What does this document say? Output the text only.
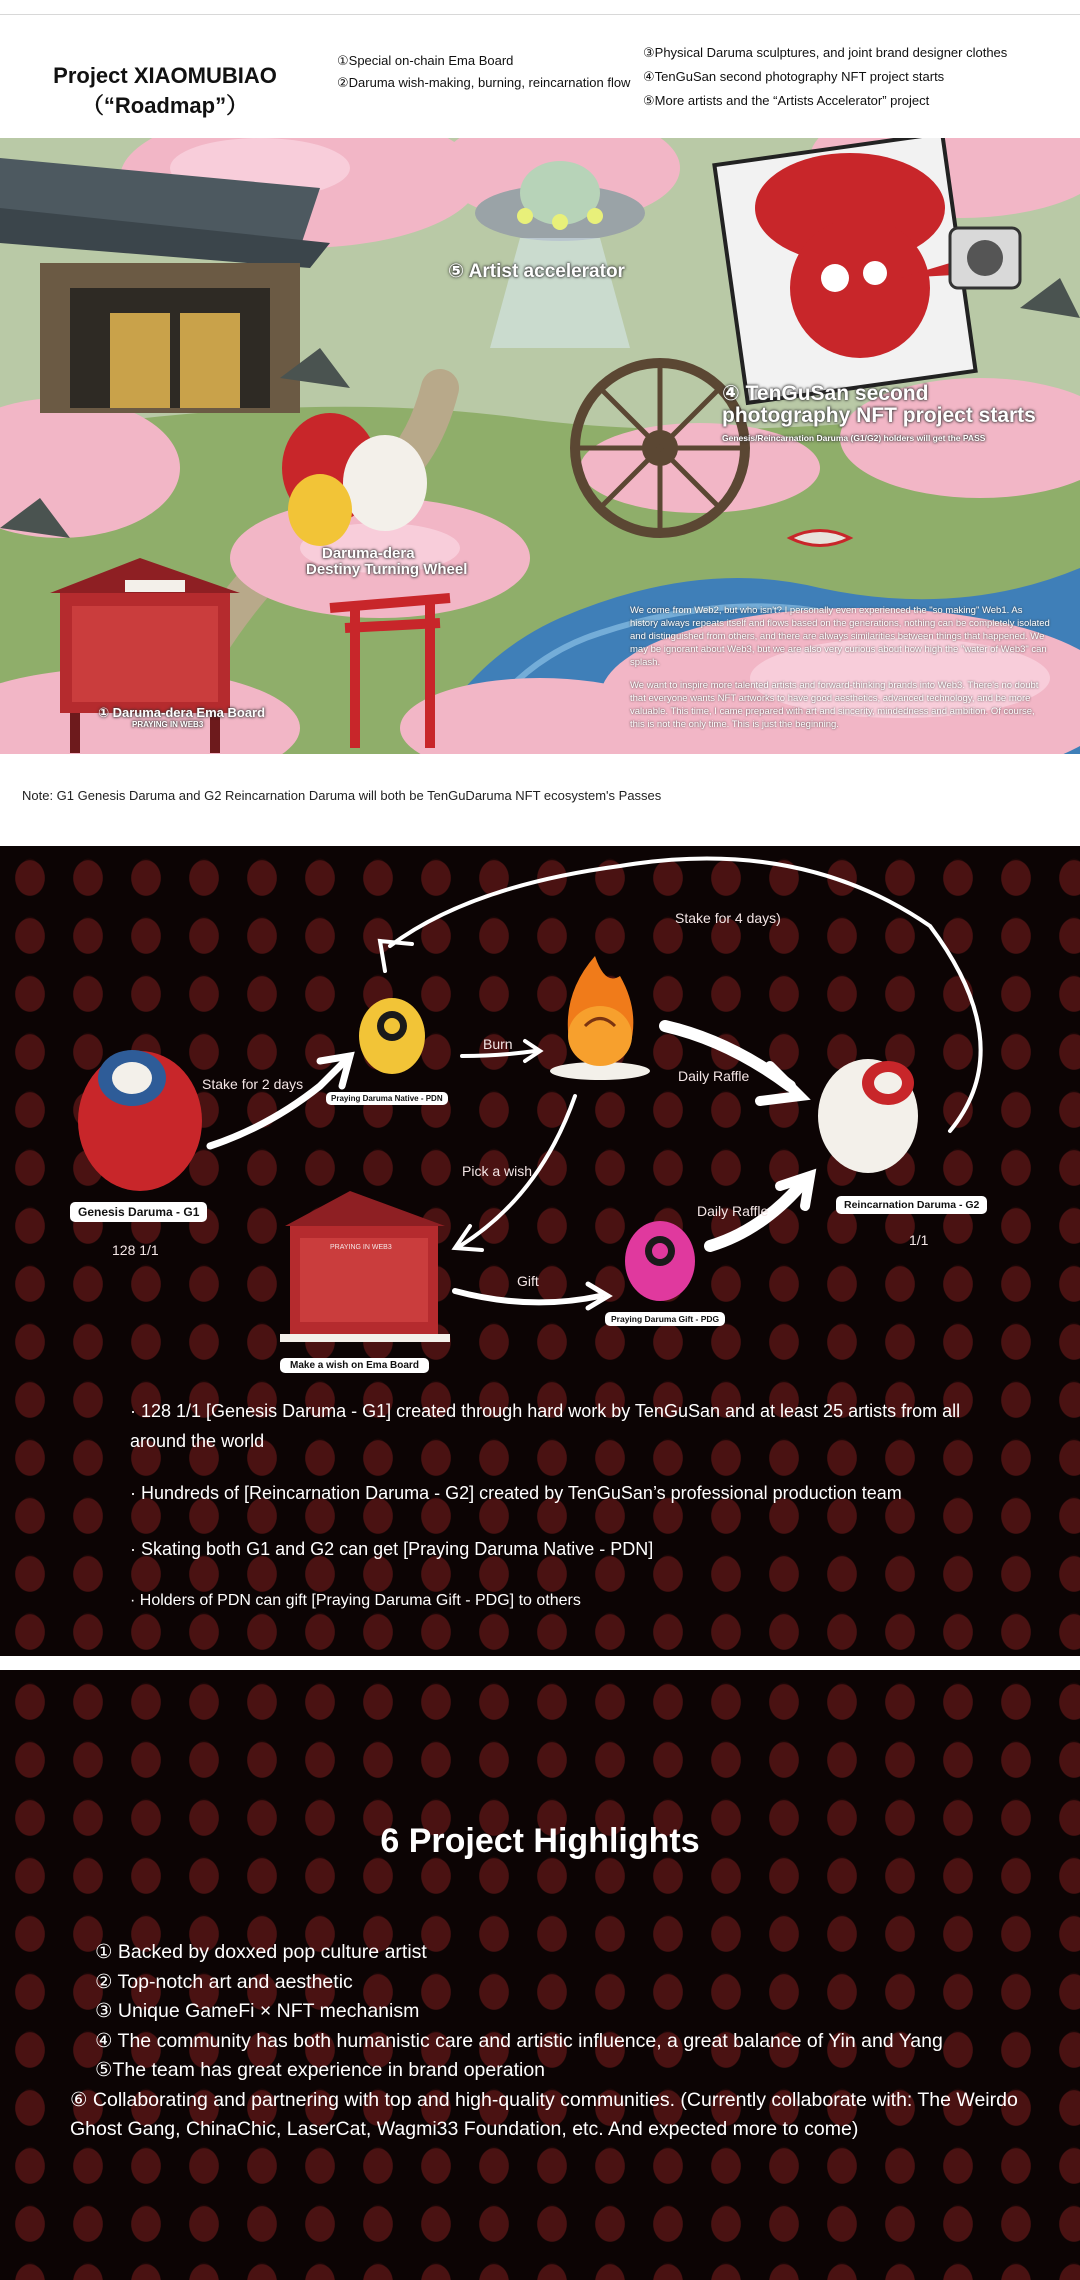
Project XIAOMUBIAO
（“Roadmap”）
①Special on-chain Ema Board
②Daruma wish-making, burning, reincarnation flow
③Physical Daruma sculptures, and joint brand designer clothes
④TenGuSan second photography NFT project starts
⑤More artists and the “Artists Accelerator” project
⑤ Artist accelerator
④ TenGuSan second
photography NFT project starts
Genesis/Reincarnation Daruma (G1/G2) holders will get the PASS
Daruma-dera
Destiny Turning Wheel
① Daruma-dera Ema Board
PRAYING IN WEB3

We come from Web2, but who isn't? I personally even experienced the "so making" Web1. As history always repeats itself and flows based on the generations, nothing can be completely isolated and distinguished from others, and there are always similarities between things that happened. We may be ignorant about Web3, but we are also very curious about how high the "water of Web3" can splash.

We want to inspire more talented artists and forward-thinking brands into Web3. There's no doubt that everyone wants NFT artworks to have good aesthetics, advanced technology, and be more valuable. This time, I came prepared with art and sincerity, mindedness and ambition. Of course, this is not the only time. This is just the beginning.

Note: G1 Genesis Daruma and G2 Reincarnation Daruma will both be TenGuDaruma NFT ecosystem's Passes
Stake for 4 days)
Stake for 2 days
Burn
Daily Raffle
Pick a wish
Daily Raffle
Gift
Genesis Daruma - G1
128 1/1
Praying Daruma Native - PDN
Reincarnation Daruma - G2
1/1
Praying Daruma Gift - PDG
Make a wish on Ema Board
PRAYING IN WEB3
· 128 1/1 [Genesis Daruma - G1] created through hard work by TenGuSan and at least 25 artists from all around the world
· Hundreds of [Reincarnation Daruma - G2] created by TenGuSan’s professional production team
· Skating both G1 and G2 can get [Praying Daruma Native - PDN]
· Holders of PDN can gift [Praying Daruma Gift - PDG] to others
6 Project Highlights
① Backed by doxxed pop culture artist
② Top-notch art and aesthetic
③ Unique GameFi × NFT mechanism
④ The community has both humanistic care and artistic influence, a great balance of Yin and Yang
⑤The team has great experience in brand operation
⑥ Collaborating and partnering with top and high-quality communities. (Currently collaborate with: The Weirdo Ghost Gang, ChinaChic, LaserCat, Wagmi33 Foundation, etc. And expected more to come)
